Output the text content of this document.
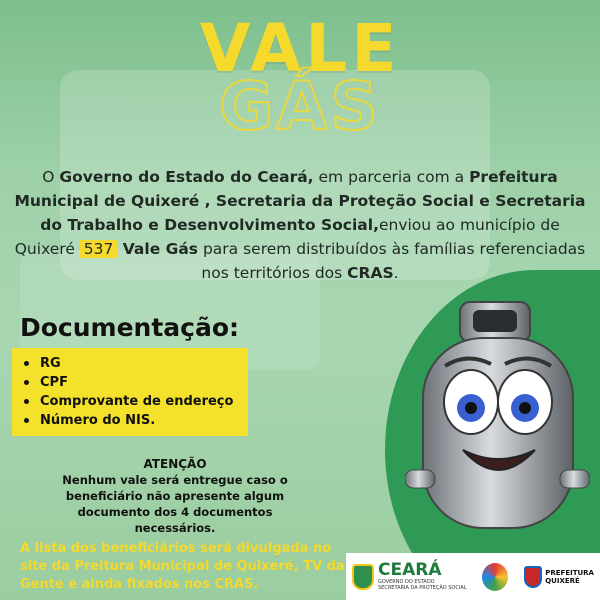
VALE
GÁS
O Governo do Estado do Ceará, em parceria com a Prefeitura Municipal de Quixeré , Secretaria da Proteção Social e Secretaria do Trabalho e Desenvolvimento Social,enviou ao município de Quixeré 537 Vale Gás para serem distribuídos às famílias referenciadas nos territórios dos CRAS.
Documentação:
RG
CPF
Comprovante de endereço
Número do NIS.
ATENÇÃO
Nenhum vale será entregue caso o beneficiário não apresente algum documento dos 4 documentos necessários.
A lista dos beneficiários será divulgada no site da Preitura Municipal de Quixeré, TV da Gente e ainda fixados nos CRAS.
CEARÁ
GOVERNO DO ESTADO
SECRETARIA DA PROTEÇÃO SOCIAL
PREFEITURA
QUIXERÉ
